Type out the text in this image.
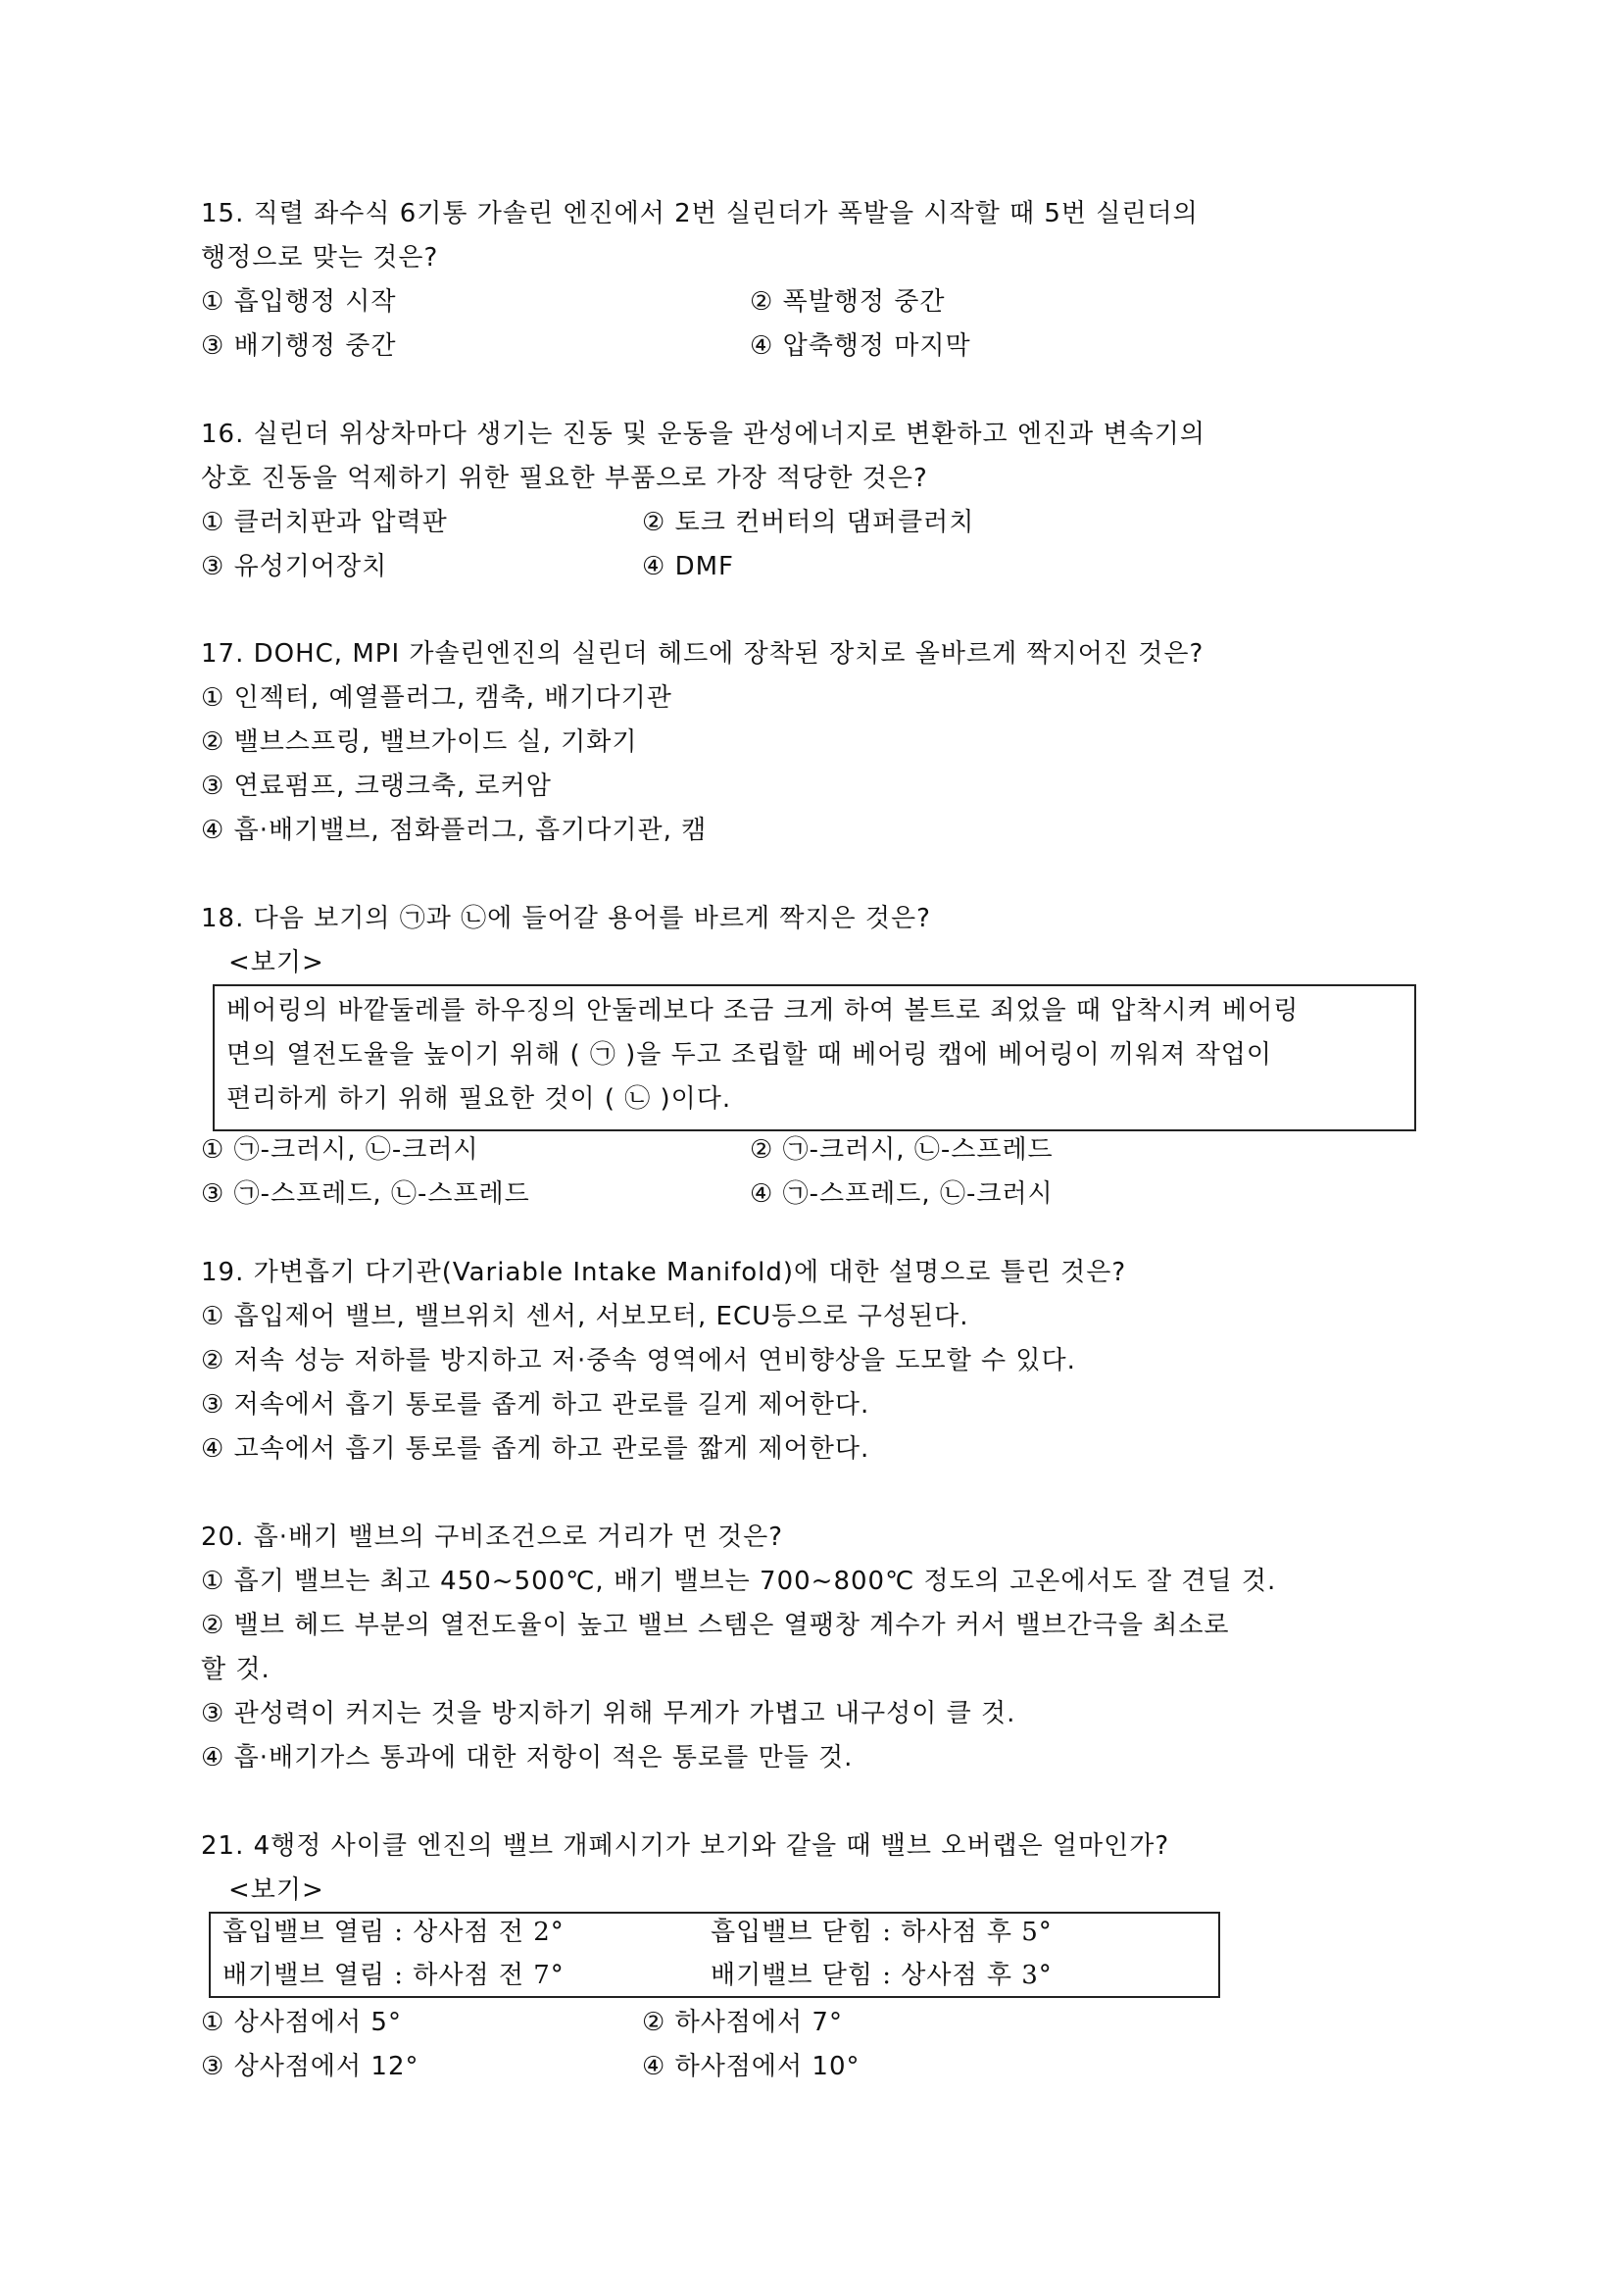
15. 직렬 좌수식 6기통 가솔린 엔진에서 2번 실린더가 폭발을 시작할 때 5번 실린더의
행정으로 맞는 것은?
① 흡입행정 시작	② 폭발행정 중간
③ 배기행정 중간	④ 압축행정 마지막
16. 실린더 위상차마다 생기는 진동 및 운동을 관성에너지로 변환하고 엔진과 변속기의
상호 진동을 억제하기 위한 필요한 부품으로 가장 적당한 것은?
① 클러치판과 압력판	② 토크 컨버터의 댐퍼클러치
③ 유성기어장치	④ DMF
17. DOHC, MPI 가솔린엔진의 실린더 헤드에 장착된 장치로 올바르게 짝지어진 것은?
① 인젝터, 예열플러그, 캠축, 배기다기관
② 밸브스프링, 밸브가이드 실, 기화기
③ 연료펌프, 크랭크축, 로커암
④ 흡·배기밸브, 점화플러그, 흡기다기관, 캠
18. 다음 보기의 ㉠과 ㉡에 들어갈 용어를 바르게 짝지은 것은?
<보기>
베어링의 바깥둘레를 하우징의 안둘레보다 조금 크게 하여 볼트로 죄었을 때 압착시켜 베어링
면의 열전도율을 높이기 위해 ( ㉠ )을 두고 조립할 때 베어링 캡에 베어링이 끼워져 작업이
편리하게 하기 위해 필요한 것이 ( ㉡ )이다.
① ㉠-크러시, ㉡-크러시	② ㉠-크러시, ㉡-스프레드
③ ㉠-스프레드, ㉡-스프레드	④ ㉠-스프레드, ㉡-크러시
19. 가변흡기 다기관(Variable Intake Manifold)에 대한 설명으로 틀린 것은?
① 흡입제어 밸브, 밸브위치 센서, 서보모터, ECU등으로 구성된다.
② 저속 성능 저하를 방지하고 저·중속 영역에서 연비향상을 도모할 수 있다.
③ 저속에서 흡기 통로를 좁게 하고 관로를 길게 제어한다.
④ 고속에서 흡기 통로를 좁게 하고 관로를 짧게 제어한다.
20. 흡·배기 밸브의 구비조건으로 거리가 먼 것은?
① 흡기 밸브는 최고 450~500℃, 배기 밸브는 700~800℃ 정도의 고온에서도 잘 견딜 것.
② 밸브 헤드 부분의 열전도율이 높고 밸브 스템은 열팽창 계수가 커서 밸브간극을 최소로
할 것.
③ 관성력이 커지는 것을 방지하기 위해 무게가 가볍고 내구성이 클 것.
④ 흡·배기가스 통과에 대한 저항이 적은 통로를 만들 것.
21. 4행정 사이클 엔진의 밸브 개폐시기가 보기와 같을 때 밸브 오버랩은 얼마인가?
<보기>
흡입밸브 열림 : 상사점 전 2°	흡입밸브 닫힘 : 하사점 후 5°
배기밸브 열림 : 하사점 전 7°	배기밸브 닫힘 : 상사점 후 3°
① 상사점에서 5°	② 하사점에서 7°
③ 상사점에서 12°	④ 하사점에서 10°
